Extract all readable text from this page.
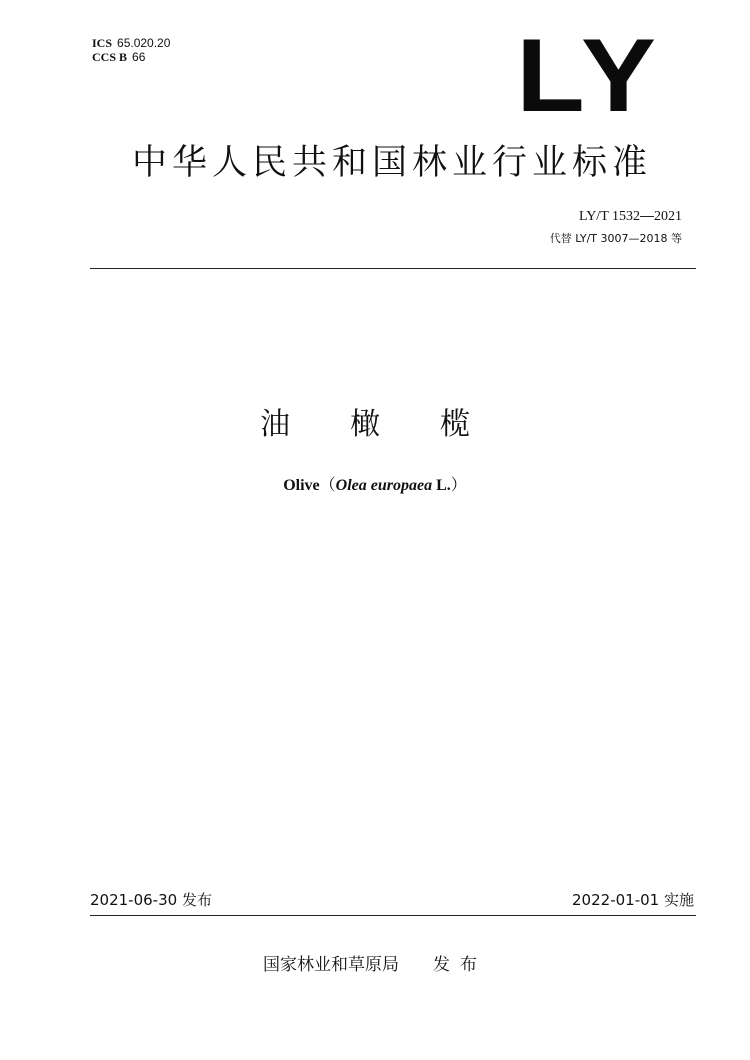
ICS 65.020.20
CCS B 66	LY
中华人民共和国林业行业标准
LY/T 1532—2021
代替 LY/T 3007—2018 等
油橄榄
Olive（Olea europaea L.）
2021-06-30 发布	2022-01-01 实施
国家林业和草原局 发布
